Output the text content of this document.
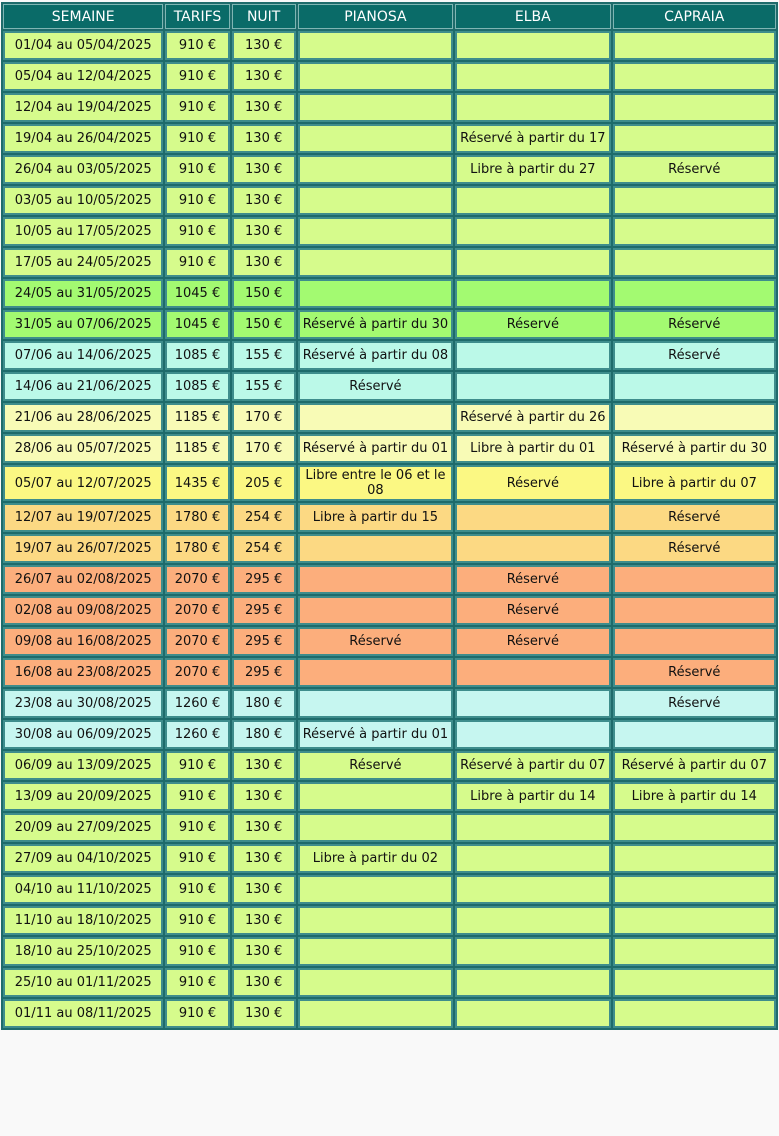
SEMAINE	TARIFS	NUIT	PIANOSA	ELBA	CAPRAIA
01/04 au 05/04/2025	910 €	130 €			
05/04 au 12/04/2025	910 €	130 €			
12/04 au 19/04/2025	910 €	130 €			
19/04 au 26/04/2025	910 €	130 €		Réservé à partir du 17	
26/04 au 03/05/2025	910 €	130 €		Libre à partir du 27	Réservé
03/05 au 10/05/2025	910 €	130 €			
10/05 au 17/05/2025	910 €	130 €			
17/05 au 24/05/2025	910 €	130 €			
24/05 au 31/05/2025	1045 €	150 €			
31/05 au 07/06/2025	1045 €	150 €	Réservé à partir du 30	Réservé	Réservé
07/06 au 14/06/2025	1085 €	155 €	Réservé à partir du 08		Réservé
14/06 au 21/06/2025	1085 €	155 €	Réservé		
21/06 au 28/06/2025	1185 €	170 €		Réservé à partir du 26	
28/06 au 05/07/2025	1185 €	170 €	Réservé à partir du 01	Libre à partir du 01	Réservé à partir du 30
05/07 au 12/07/2025	1435 €	205 €	Libre entre le 06 et le 08	Réservé	Libre à partir du 07
12/07 au 19/07/2025	1780 €	254 €	Libre à partir du 15		Réservé
19/07 au 26/07/2025	1780 €	254 €			Réservé
26/07 au 02/08/2025	2070 €	295 €		Réservé	
02/08 au 09/08/2025	2070 €	295 €		Réservé	
09/08 au 16/08/2025	2070 €	295 €	Réservé	Réservé	
16/08 au 23/08/2025	2070 €	295 €			Réservé
23/08 au 30/08/2025	1260 €	180 €			Réservé
30/08 au 06/09/2025	1260 €	180 €	Réservé à partir du 01		
06/09 au 13/09/2025	910 €	130 €	Réservé	Réservé à partir du 07	Réservé à partir du 07
13/09 au 20/09/2025	910 €	130 €		Libre à partir du 14	Libre à partir du 14
20/09 au 27/09/2025	910 €	130 €			
27/09 au 04/10/2025	910 €	130 €	Libre à partir du 02		
04/10 au 11/10/2025	910 €	130 €			
11/10 au 18/10/2025	910 €	130 €			
18/10 au 25/10/2025	910 €	130 €			
25/10 au 01/11/2025	910 €	130 €			
01/11 au 08/11/2025	910 €	130 €			
